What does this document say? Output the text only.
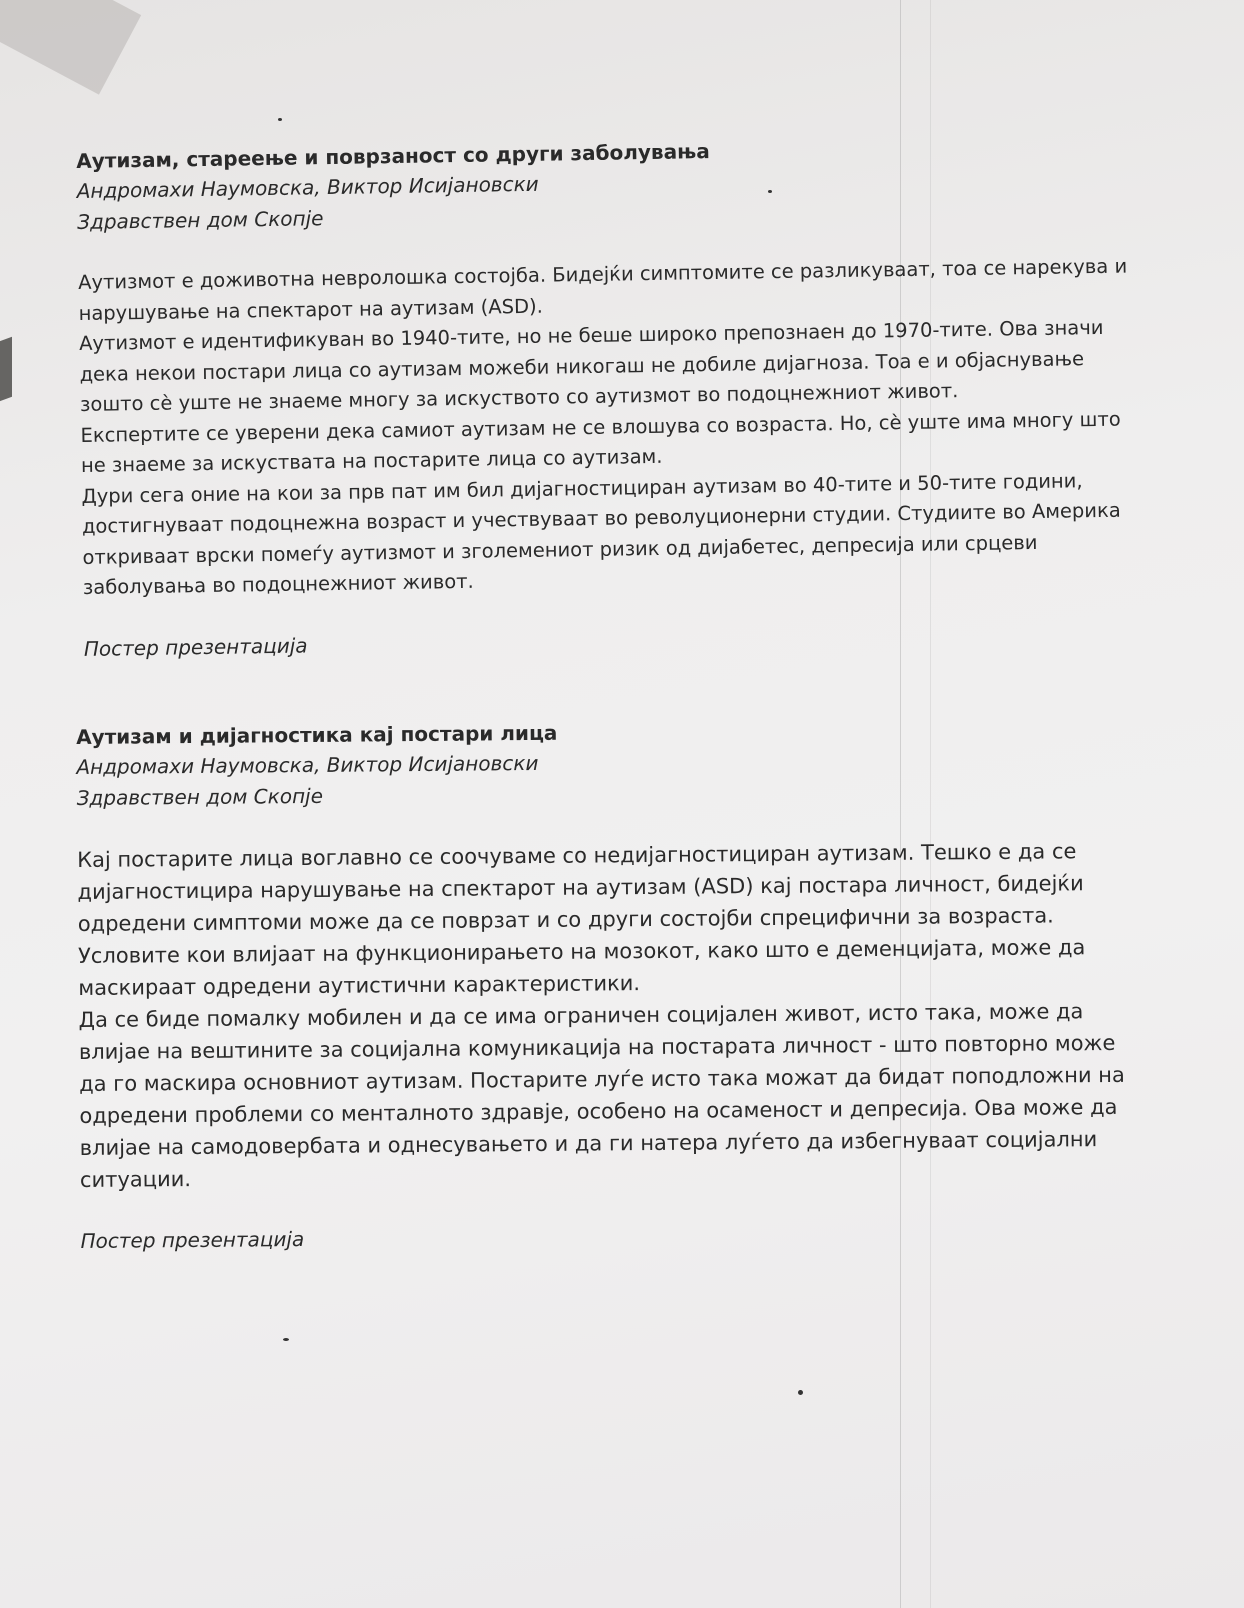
Аутизам, стареење и поврзаност со други заболувања
Андромахи Наумовска, Виктор Исијановски
Здравствен дом Скопје

Аутизмот е доживотна невролошка состојба. Бидејќи симптомите се разликуваат, тоа се нарекува и нарушување на спектарот на аутизам (ASD).

Аутизмот е идентификуван во 1940-тите, но не беше широко препознаен до 1970-тите. Ова значи дека некои постари лица со аутизам можеби никогаш не добиле дијагноза. Тоа е и објаснување зошто сè уште не знаеме многу за искуството со аутизмот во подоцнежниот живот.

Експертите се уверени дека самиот аутизам не се влошува со возраста. Но, сè уште има многу што не знаеме за искуствата на постарите лица со аутизам.

Дури сега оние на кои за прв пат им бил дијагностициран аутизам во 40-тите и 50-тите години, достигнуваат подоцнежна возраст и учествуваат во револуционерни студии. Студиите во Америка откриваат врски помеѓу аутизмот и зголемениот ризик од дијабетес, депресија или срцеви заболувања во подоцнежниот живот.

Постер презентација
Аутизам и дијагностика кај постари лица
Андромахи Наумовска, Виктор Исијановски
Здравствен дом Скопје

Кај постарите лица воглавно се соочуваме со недијагностициран аутизам. Тешко е да се дијагностицира нарушување на спектарот на аутизам (ASD) кај постара личност, бидејќи одредени симптоми може да се поврзат и со други состојби спрецифични за возраста. Условите кои влијаат на функционирањето на мозокот, како што е деменцијата, може да маскираат одредени аутистични карактеристики.

Да се биде помалку мобилен и да се има ограничен социјален живот, исто така, може да влијае на вештините за социјална комуникација на постарата личност - што повторно може да го маскира основниот аутизам. Постарите луѓе исто така можат да бидат поподложни на одредени проблеми со менталното здравје, особено на осаменост и депресија. Ова може да влијае на самодовербата и однесувањето и да ги натера луѓето да избегнуваат социјални ситуации.

Постер презентација
